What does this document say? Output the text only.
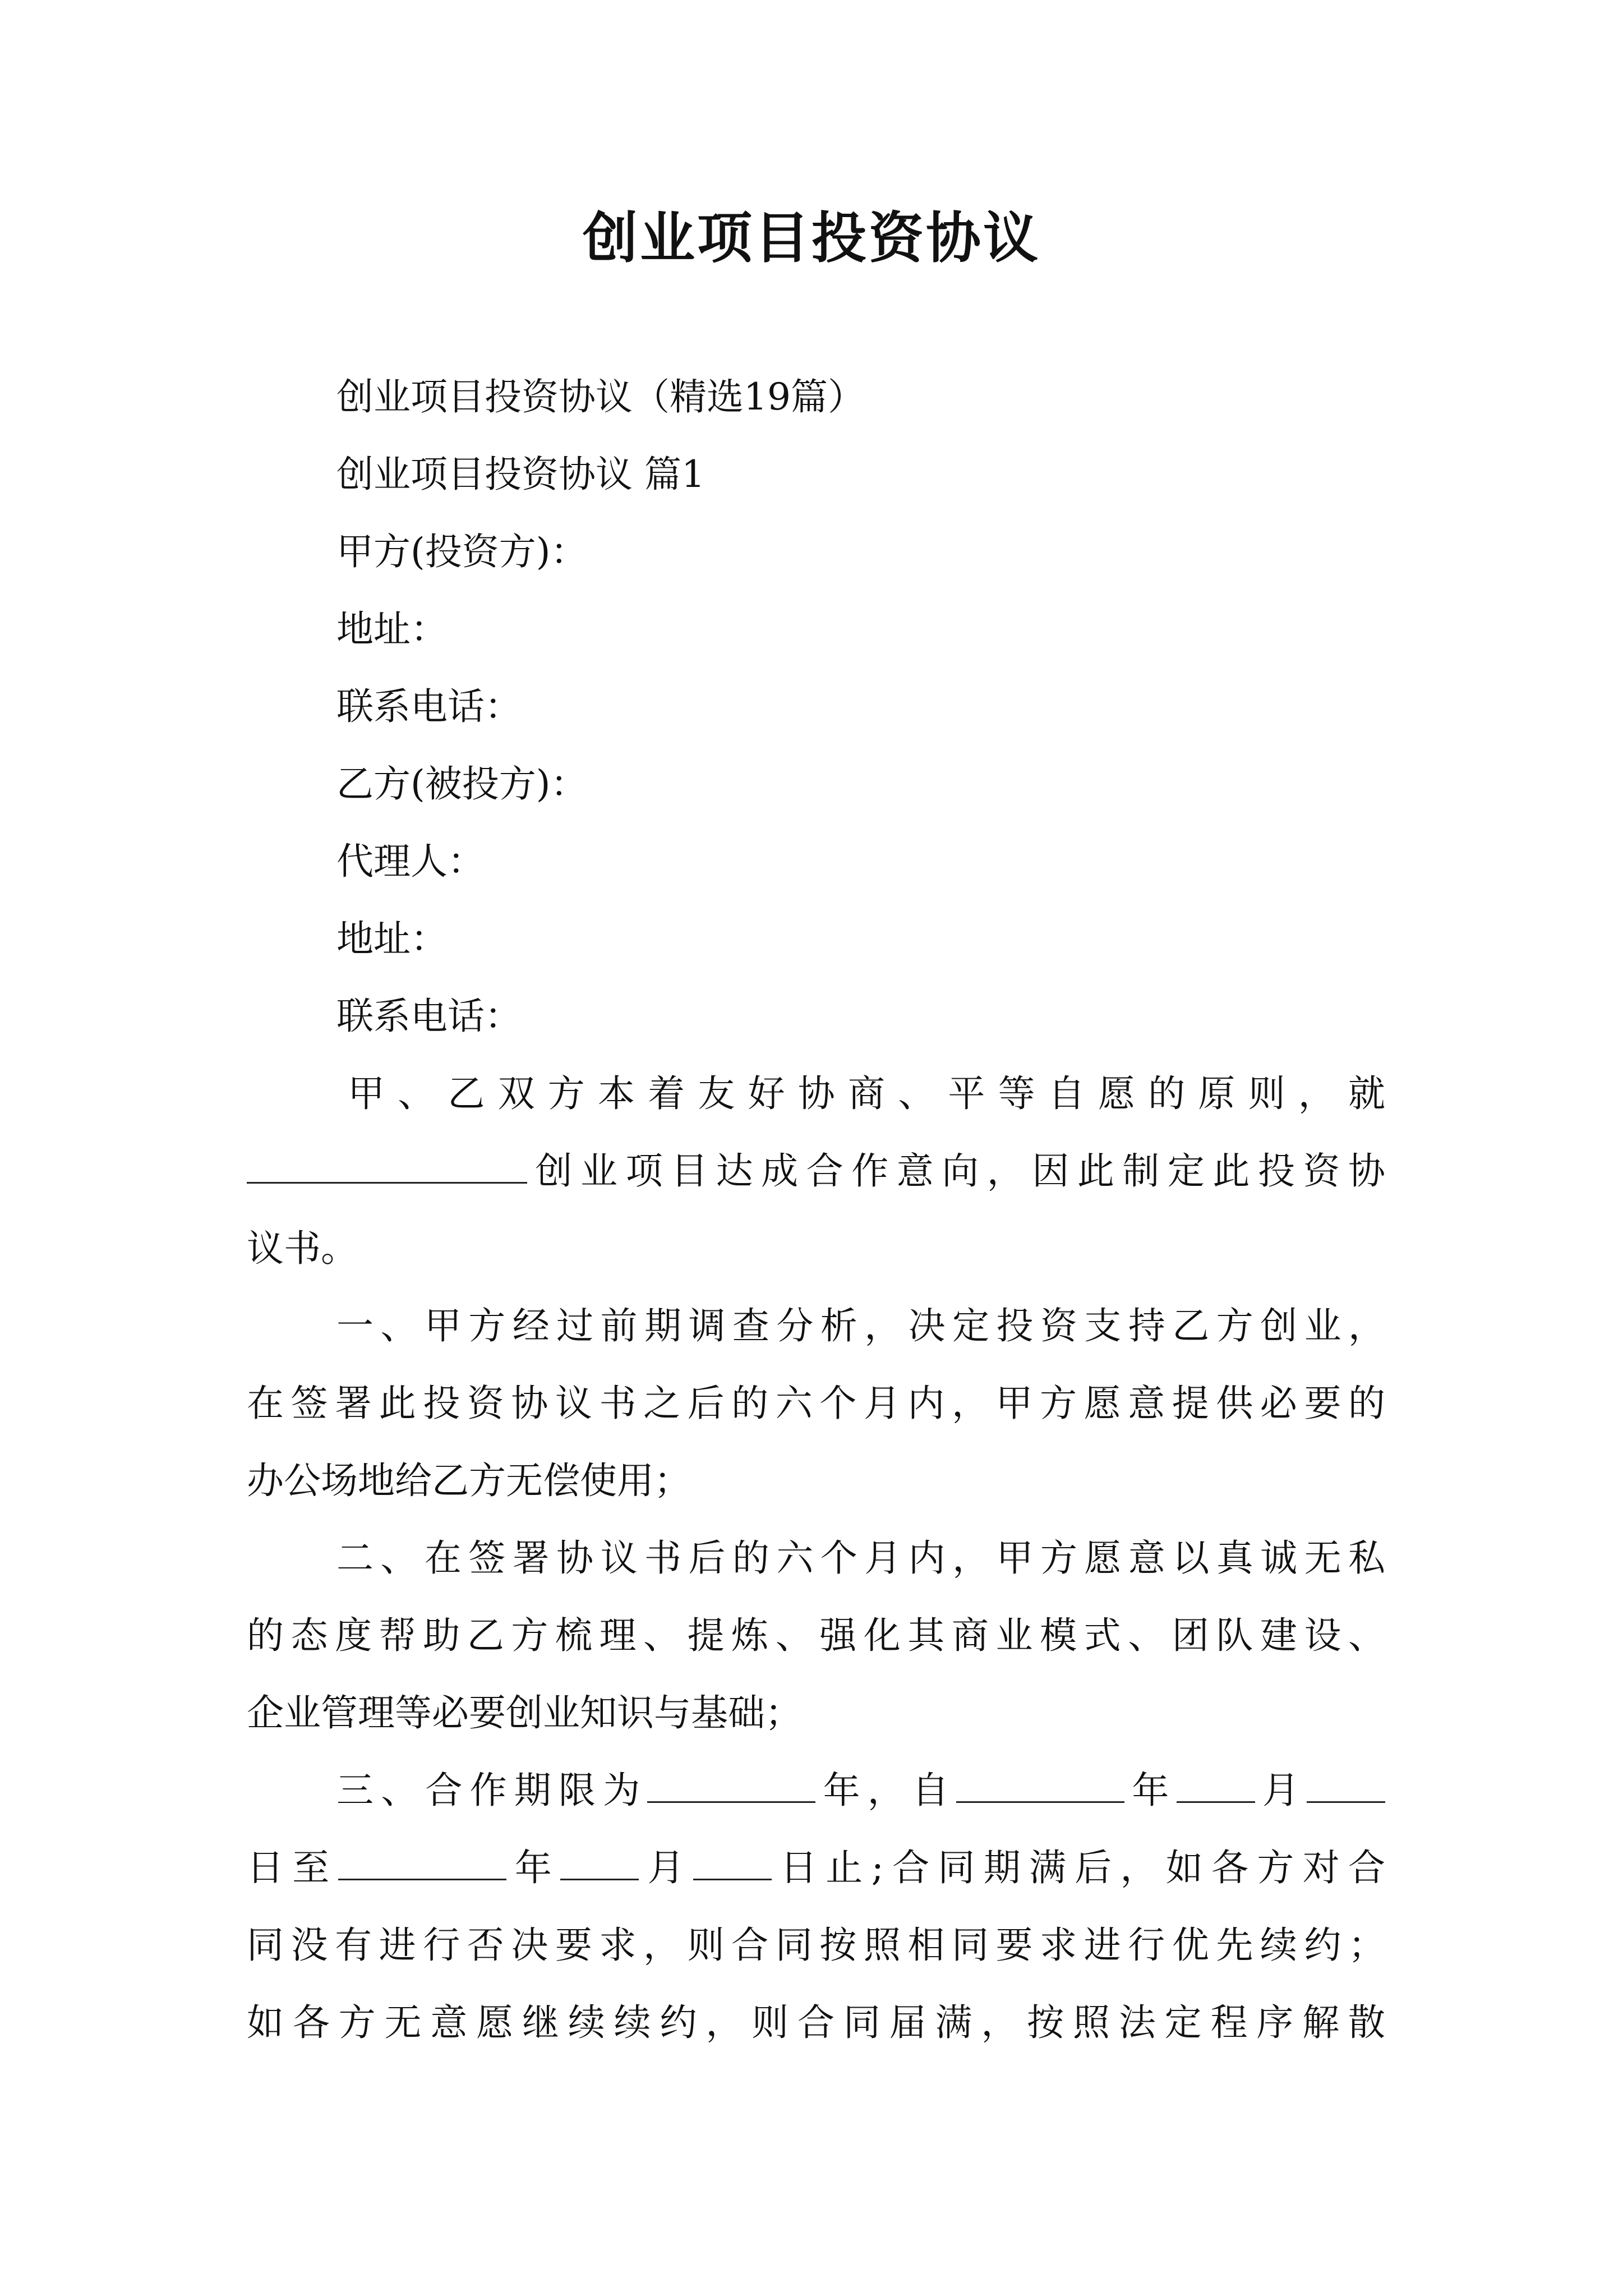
创业项目投资协议

创业项目投资协议（精选19篇）

创业项目投资协议 篇1

甲方(投资方)：

地址：

联系电话：

乙方(被投方)：

代理人：

地址：

联系电话：

甲、乙双方本着友好协商、平等自愿的原则，就

创业项目达成合作意向，因此制定此投资协

议书。

一、甲方经过前期调查分析，决定投资支持乙方创业，

在签署此投资协议书之后的六个月内，甲方愿意提供必要的

办公场地给乙方无偿使用；

二、在签署协议书后的六个月内，甲方愿意以真诚无私

的态度帮助乙方梳理、提炼、强化其商业模式、团队建设、

企业管理等必要创业知识与基础；

三、合作期限为	年，自	年 月

日至	年 月 日止;合同期满后，如各方对合

同没有进行否决要求，则合同按照相同要求进行优先续约；

如各方无意愿继续续约，则合同届满，按照法定程序解散
